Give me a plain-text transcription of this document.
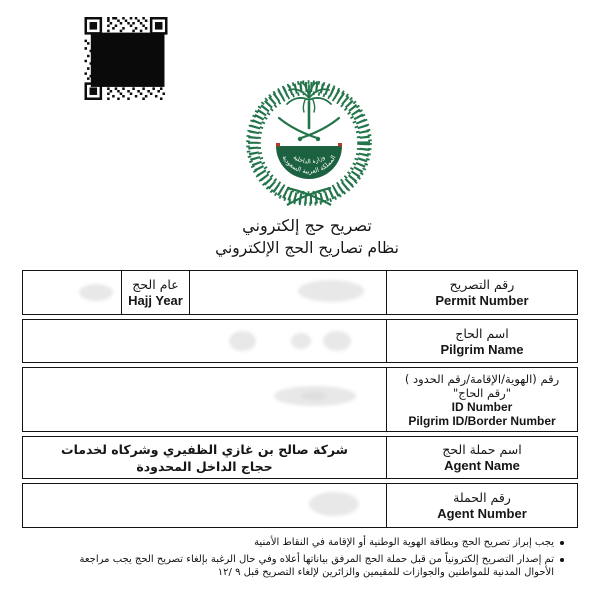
وزارة الداخلية
المملكة العربية السعودية
تصريح حج إلكتروني
نظام تصاريح الحج الإلكتروني
عام الحج
Hajj Year
رقم التصريح
Permit Number
اسم الحاج
Pilgrim Name
رقم (الهوية/الإقامة/رقم الحدود )
"رقم الحاج"
ID Number
Pilgrim ID/Border Number
شركة صالح بن غازي الظفيري وشركاه لخدمات حجاج الداخل المحدودة
اسم حملة الحج
Agent Name
رقم الحملة
Agent Number
يجب إبراز تصريح الحج وبطاقة الهوية الوطنية أو الإقامة في النقاط الأمنية
تم إصدار التصريح إلكترونياً من قبل حملة الحج المرفق بياناتها أعلاه وفي حال الرغبة بإلغاء تصريح الحج يجب مراجعة الأحوال المدنية للمواطنين والجوازات للمقيمين والزائرين لإلغاء التصريح قبل ٩ /١٢
